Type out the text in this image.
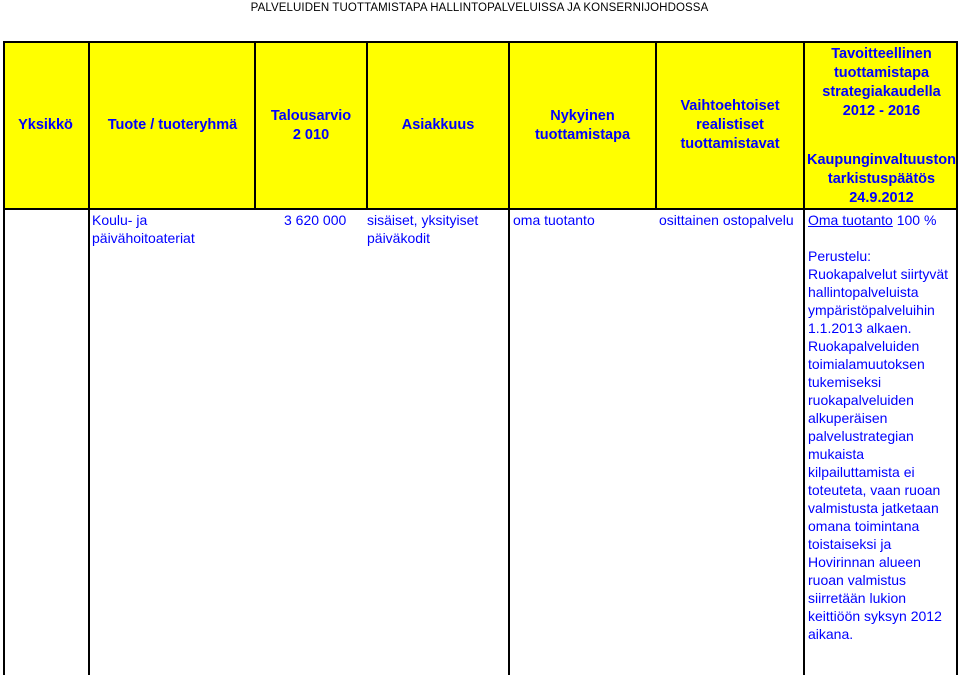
PALVELUIDEN TUOTTAMISTAPA HALLINTOPALVELUISSA JA KONSERNIJOHDOSSA
Yksikkö Tuote / tuoteryhmä
Talousarvio
2 010
Asiakkuus
Nykyinen
tuottamistapa
Vaihtoehtoiset
realistiset
tuottamistavat
Tavoitteellinen
tuottamistapa
strategiakaudella
2012 - 2016
Kaupunginvaltuuston
tarkistuspäätös
24.9.2012
Koulu- ja
päivähoitoateriat
3 620 000 sisäiset, yksityiset
päiväkodit
oma tuotanto	osittainen ostopalvelu Oma tuotanto 100 %
Perustelu:
Ruokapalvelut siirtyvät
hallintopalveluista
ympäristöpalveluihin
1.1.2013 alkaen.
Ruokapalveluiden
toimialamuutoksen
tukemiseksi
ruokapalveluiden
alkuperäisen
palvelustrategian
mukaista
kilpailuttamista ei
toteuteta, vaan ruoan
valmistusta jatketaan
omana toimintana
toistaiseksi ja
Hovirinnan alueen
ruoan valmistus
siirretään lukion
keittiöön syksyn 2012
aikana.
